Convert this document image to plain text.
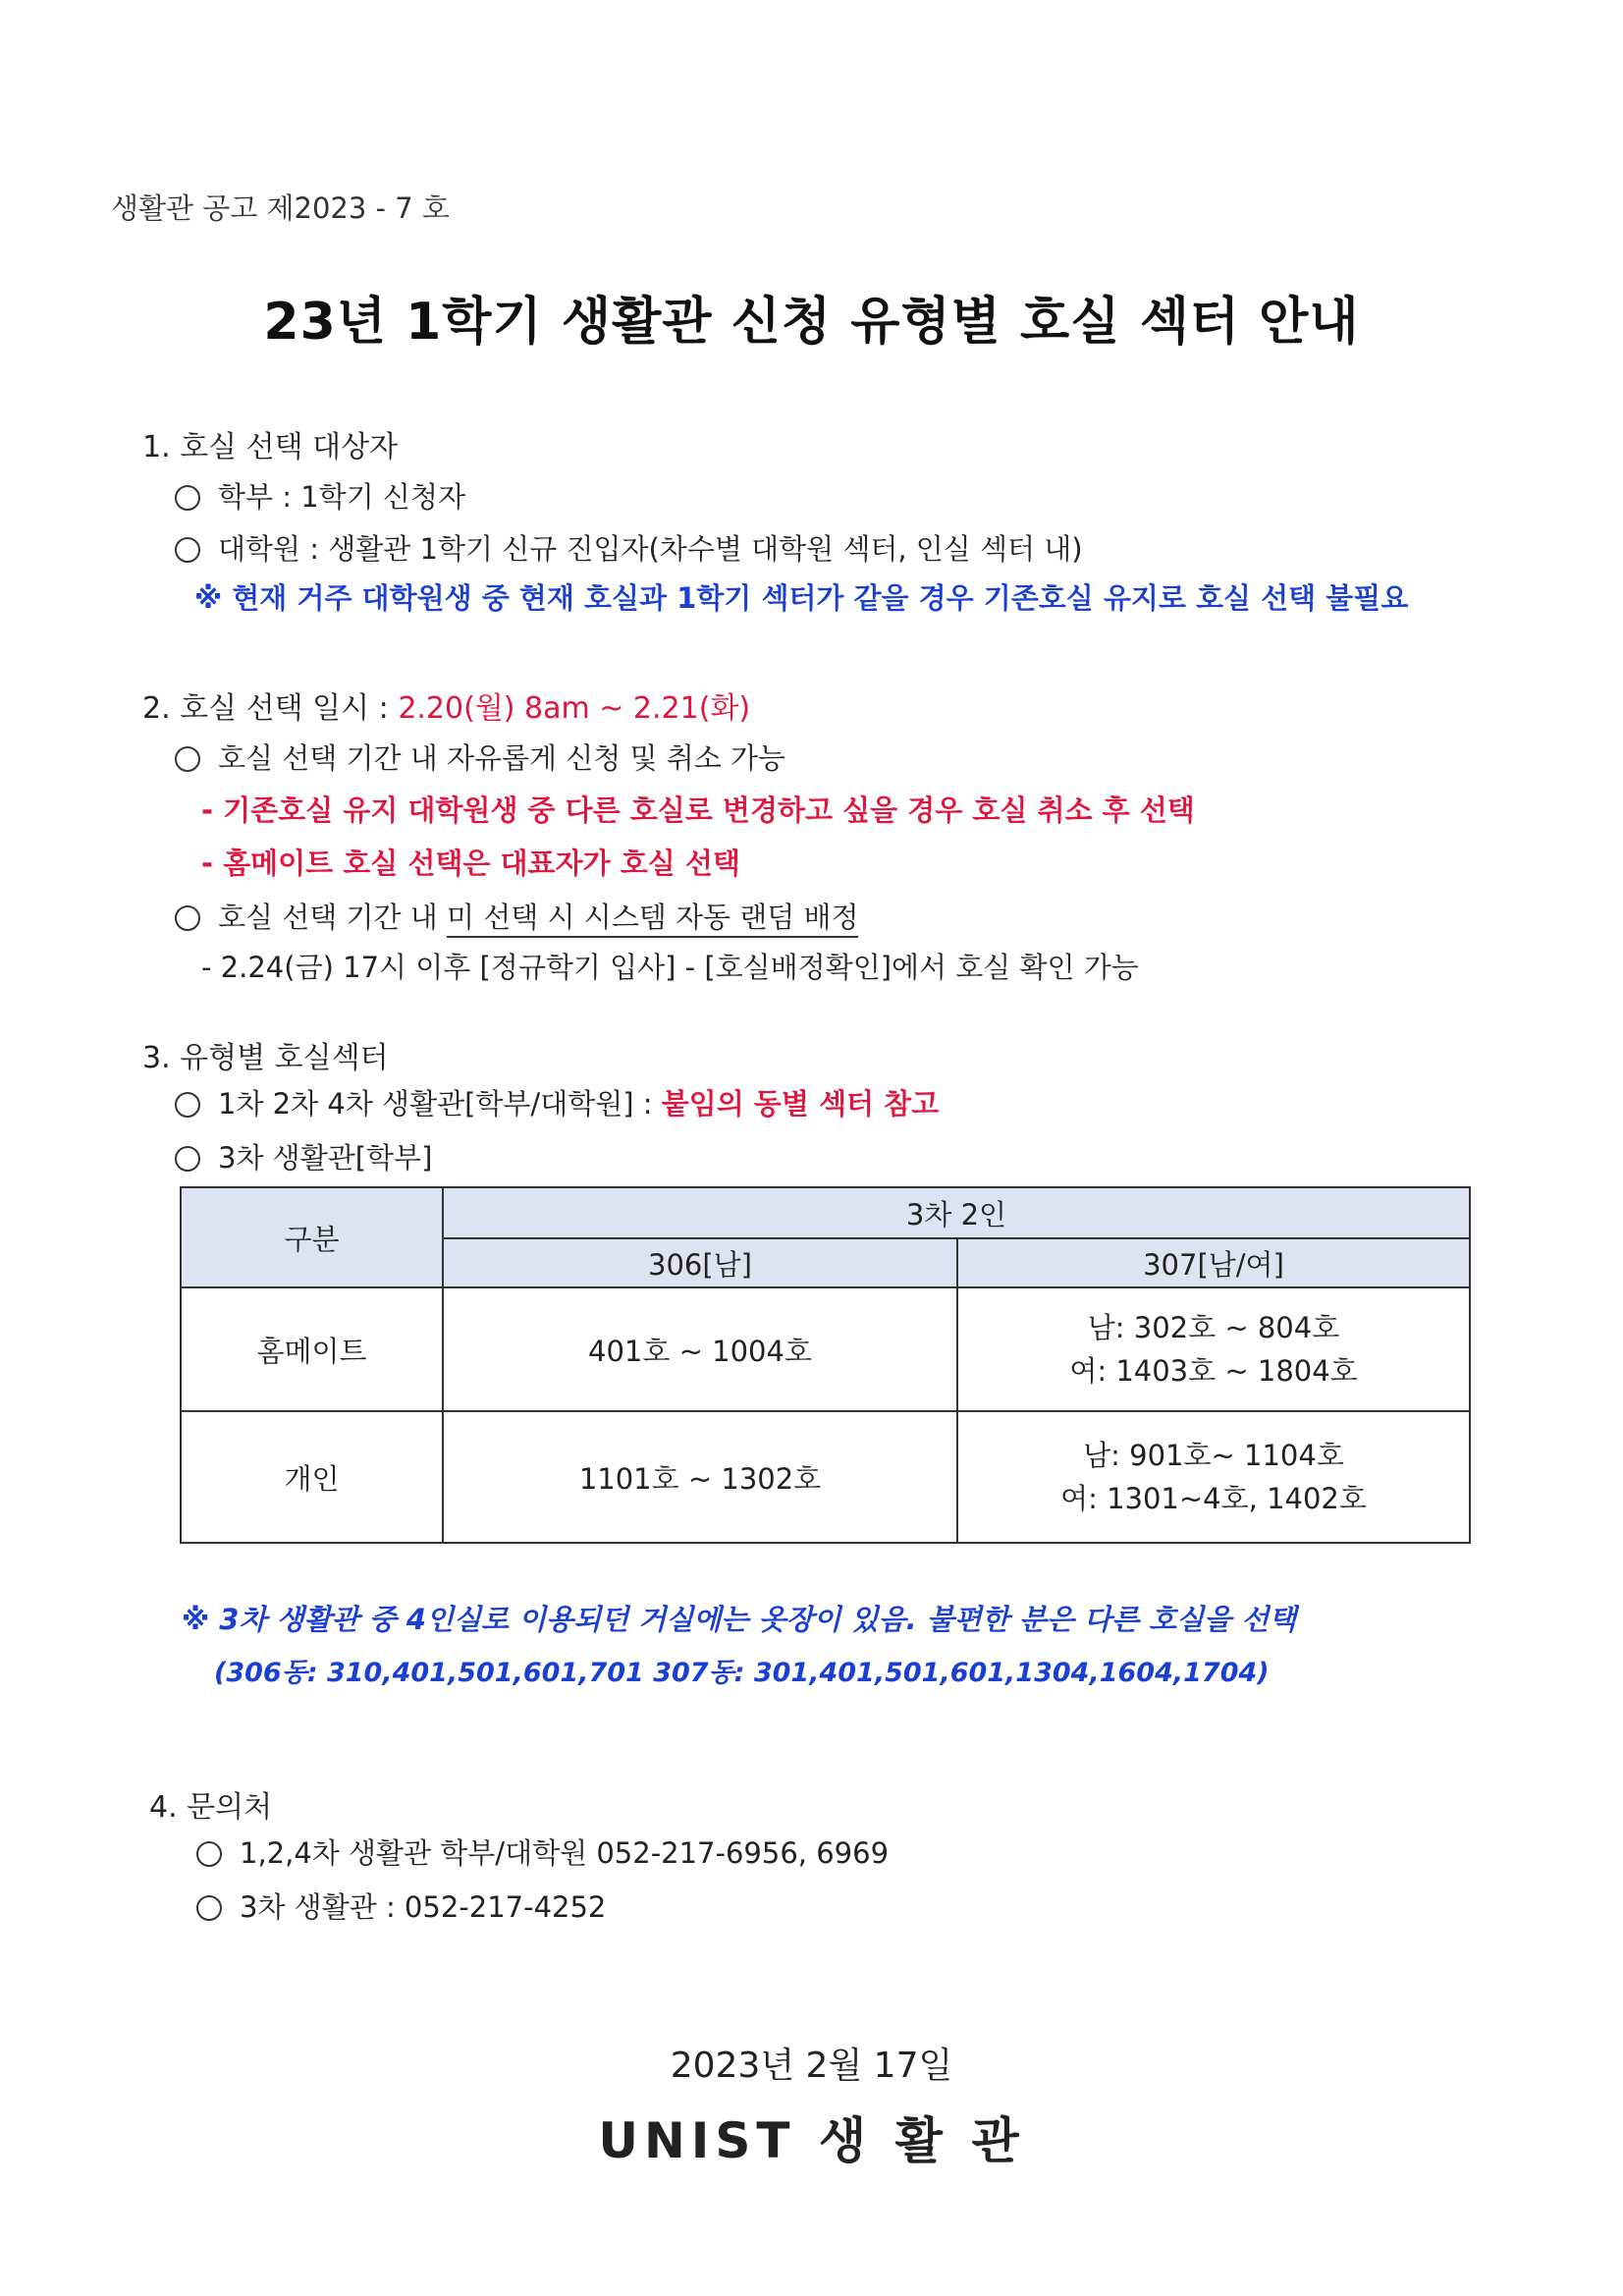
생활관 공고 제2023 - 7 호
23년 1학기 생활관 신청 유형별 호실 섹터 안내
1. 호실 선택 대상자
학부 : 1학기 신청자
대학원 : 생활관 1학기 신규 진입자(차수별 대학원 섹터, 인실 섹터 내)
※ 현재 거주 대학원생 중 현재 호실과 1학기 섹터가 같을 경우 기존호실 유지로 호실 선택 불필요
2. 호실 선택 일시 : 2.20(월) 8am ~ 2.21(화)
호실 선택 기간 내 자유롭게 신청 및 취소 가능
- 기존호실 유지 대학원생 중 다른 호실로 변경하고 싶을 경우 호실 취소 후 선택
- 홈메이트 호실 선택은 대표자가 호실 선택
호실 선택 기간 내 미 선택 시 시스템 자동 랜덤 배정
- 2.24(금) 17시 이후 [정규학기 입사] - [호실배정확인]에서 호실 확인 가능
3. 유형별 호실섹터
1차 2차 4차 생활관[학부/대학원] : 붙임의 동별 섹터 참고
3차 생활관[학부]
구분	3차 2인	
	306[남]	307[남/여]
홈메이트	401호 ~ 1004호	남: 302호 ~ 804호
여: 1403호 ~ 1804호

개인	1101호 ~ 1302호	남: 901호~ 1104호
여: 1301~4호, 1402호
※ 3차 생활관 중 4인실로 이용되던 거실에는 옷장이 있음. 불편한 분은 다른 호실을 선택
(306동: 310,401,501,601,701 307동: 301,401,501,601,1304,1604,1704)
4. 문의처
1,2,4차 생활관 학부/대학원 052-217-6956, 6969
3차 생활관 : 052-217-4252
2023년 2월 17일
UNIST 생 활 관
